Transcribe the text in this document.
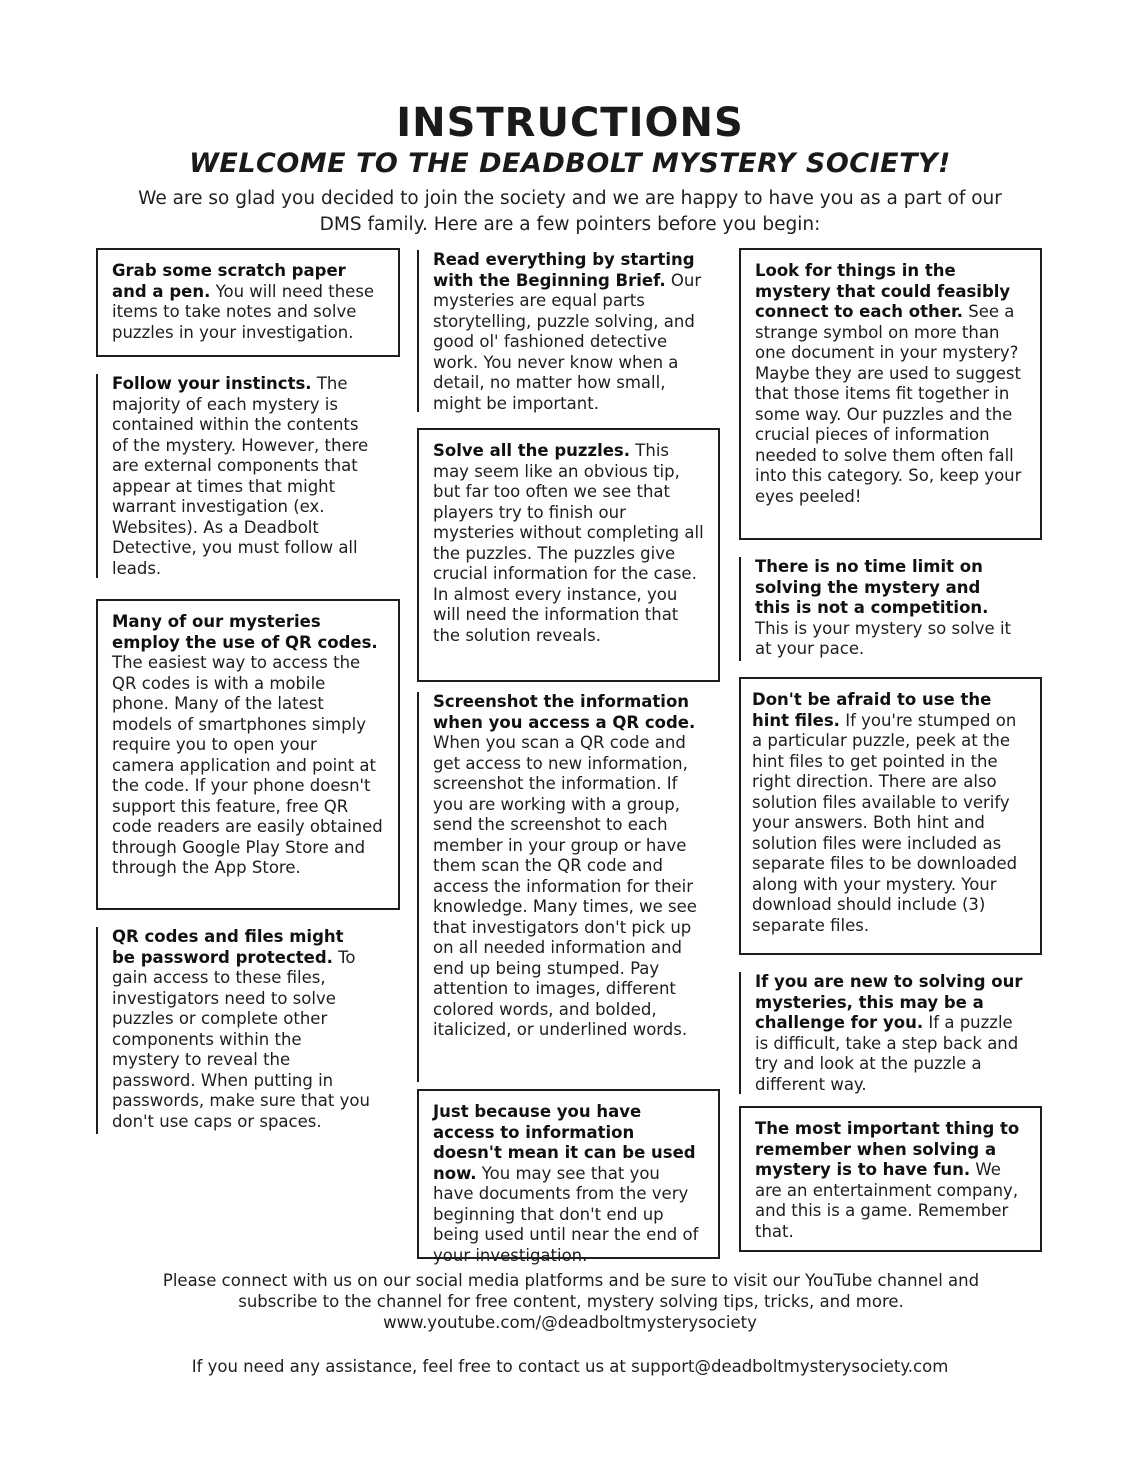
INSTRUCTIONS
WELCOME TO THE DEADBOLT MYSTERY SOCIETY!
We are so glad you decided to join the society and we are happy to have you as a part of our DMS family. Here are a few pointers before you begin:
Grab some scratch paper and a pen. You will need these items to take notes and solve puzzles in your investigation.
Follow your instincts. The majority of each mystery is contained within the contents of the mystery. However, there are external components that appear at times that might warrant investigation (ex. Websites). As a Deadbolt Detective, you must follow all leads.
Many of our mysteries employ the use of QR codes. The easiest way to access the QR codes is with a mobile phone. Many of the latest models of smartphones simply require you to open your camera application and point at the code. If your phone doesn't support this feature, free QR code readers are easily obtained through Google Play Store and through the App Store.
QR codes and files might be password protected. To gain access to these files, investigators need to solve puzzles or complete other components within the mystery to reveal the password. When putting in passwords, make sure that you don't use caps or spaces.
Read everything by starting with the Beginning Brief. Our mysteries are equal parts storytelling, puzzle solving, and good ol' fashioned detective work. You never know when a detail, no matter how small, might be important.
Solve all the puzzles. This may seem like an obvious tip, but far too often we see that players try to finish our mysteries without completing all the puzzles. The puzzles give crucial information for the case. In almost every instance, you will need the information that the solution reveals.
Screenshot the information when you access a QR code. When you scan a QR code and get access to new information, screenshot the information. If you are working with a group, send the screenshot to each member in your group or have them scan the QR code and access the information for their knowledge. Many times, we see that investigators don't pick up on all needed information and end up being stumped. Pay attention to images, different colored words, and bolded, italicized, or underlined words.
Just because you have access to information doesn't mean it can be used now. You may see that you have documents from the very beginning that don't end up being used until near the end of your investigation.
Look for things in the mystery that could feasibly connect to each other. See a strange symbol on more than one document in your mystery? Maybe they are used to suggest that those items fit together in some way. Our puzzles and the crucial pieces of information needed to solve them often fall into this category. So, keep your eyes peeled!
There is no time limit on solving the mystery and this is not a competition. This is your mystery so solve it at your pace.
Don't be afraid to use the hint files. If you're stumped on a particular puzzle, peek at the hint files to get pointed in the right direction. There are also solution files available to verify your answers. Both hint and solution files were included as separate files to be downloaded along with your mystery. Your download should include (3) separate files.
If you are new to solving our mysteries, this may be a challenge for you. If a puzzle is difficult, take a step back and try and look at the puzzle a different way.
The most important thing to remember when solving a mystery is to have fun. We are an entertainment company, and this is a game. Remember that.
Please connect with us on our social media platforms and be sure to visit our YouTube channel and subscribe to the channel for free content, mystery solving tips, tricks, and more.
www.youtube.com/@deadboltmysterysociety
If you need any assistance, feel free to contact us at support@deadboltmysterysociety.com
